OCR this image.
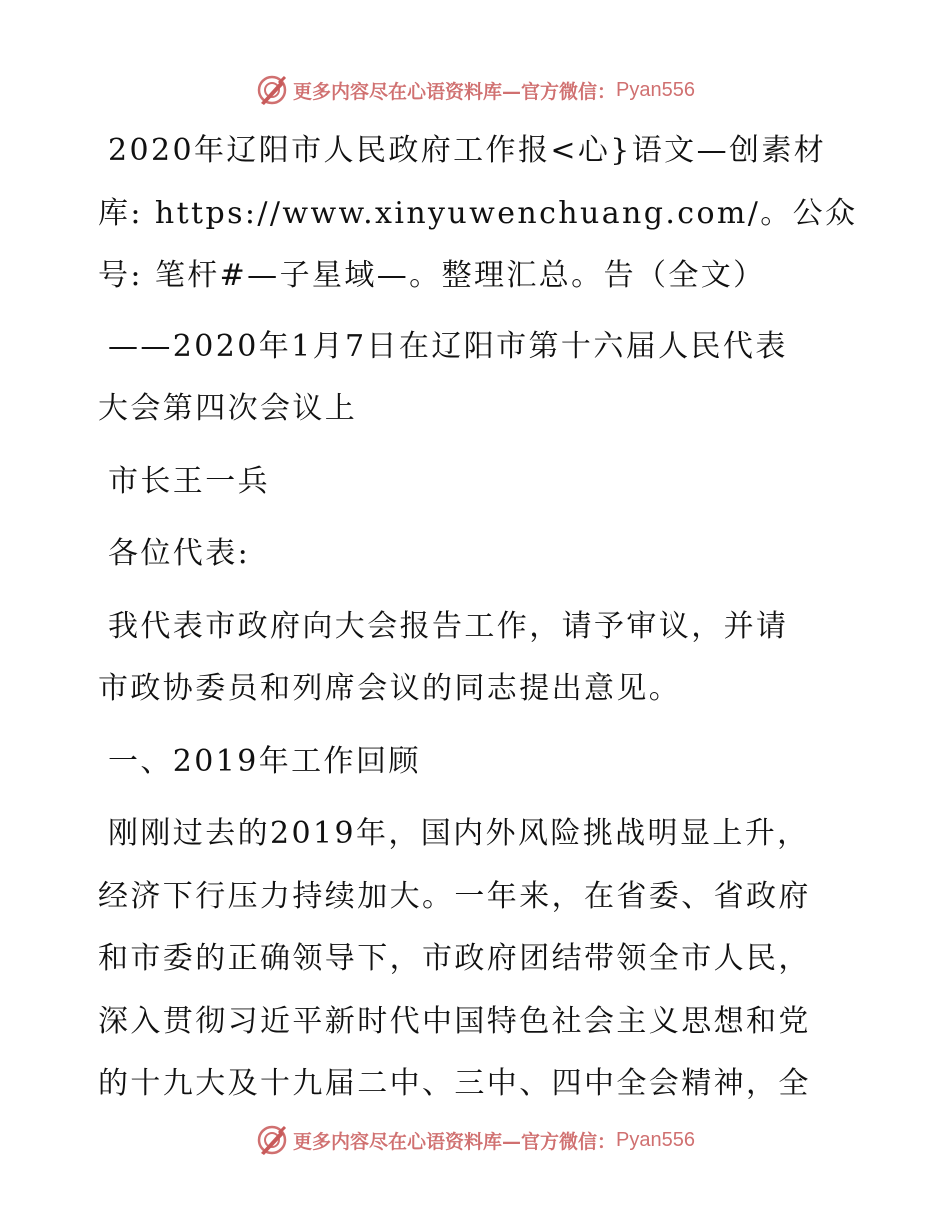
更多内容尽在心语资料库—官方微信： Pyan556

2020年辽阳市人民政府工作报<心}语文—创素材

库: https://www.xinyuwenchuang.com/。公众

号: 笔杆#—子星域—。整理汇总。告（全文）

——2020年1月7日在辽阳市第十六届人民代表

大会第四次会议上

市长王一兵

各位代表:

我代表市政府向大会报告工作，请予审议，并请

市政协委员和列席会议的同志提出意见。

一、2019年工作回顾

刚刚过去的2019年，国内外风险挑战明显上升，

经济下行压力持续加大。一年来，在省委、省政府

和市委的正确领导下，市政府团结带领全市人民，

深入贯彻习近平新时代中国特色社会主义思想和党

的十九大及十九届二中、三中、四中全会精神，全

更多内容尽在心语资料库—官方微信： Pyan556
